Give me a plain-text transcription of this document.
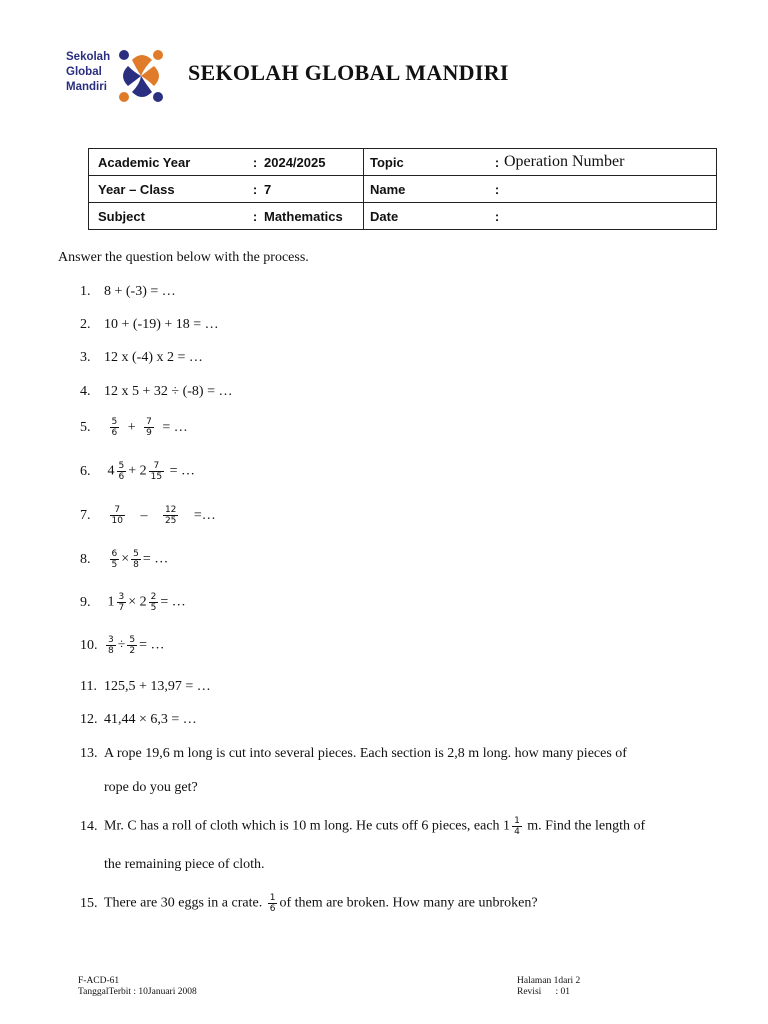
Sekolah
Global
Mandiri
SEKOLAH GLOBAL MANDIRI
Academic Year	:	2024/2025	Topic	:	Operation Number
Year – Class	:	7	Name	:	
Subject	:	Mathematics	Date	:	
Answer the question below with the process.
1. 8 + (-3) = …
2. 10 + (-19) + 18 = …
3. 12 x (-4) x 2 = …
4. 12 x 5 + 32 ÷ (-8) = …
5. $\frac{5}{6} + \frac{7}{9}$ = …
6. $4 \frac{5}{6} + 2 \frac{7}{15}$ = …
7. $\frac{7}{10} - \frac{12}{25}$ =…
8. $\frac{6}{5} \times \frac{5}{8}$ = …
9. $1 \frac{3}{7} \times 2 \frac{2}{5}$ = …
10. $\frac{3}{8} \div \frac{5}{2}$ = …
11. 125,5 + 13,97 = …
12. 41,44 × 6,3 = …
13. A rope 19,6 m long is cut into several pieces. Each section is 2,8 m long. how many pieces of
rope do you get?
14. Mr. C has a roll of cloth which is 10 m long. He cuts off 6 pieces, each $1 \frac{1}{4} m$. Find the length of
the remaining piece of cloth.
15. There are 30 eggs in a crate. $\frac{1}{6}$ of them are broken. How many are unbroken?
F-ACD-61
TanggalTerbit : 10Januari 2008
Halaman 1dari 2
Revisi      : 01
